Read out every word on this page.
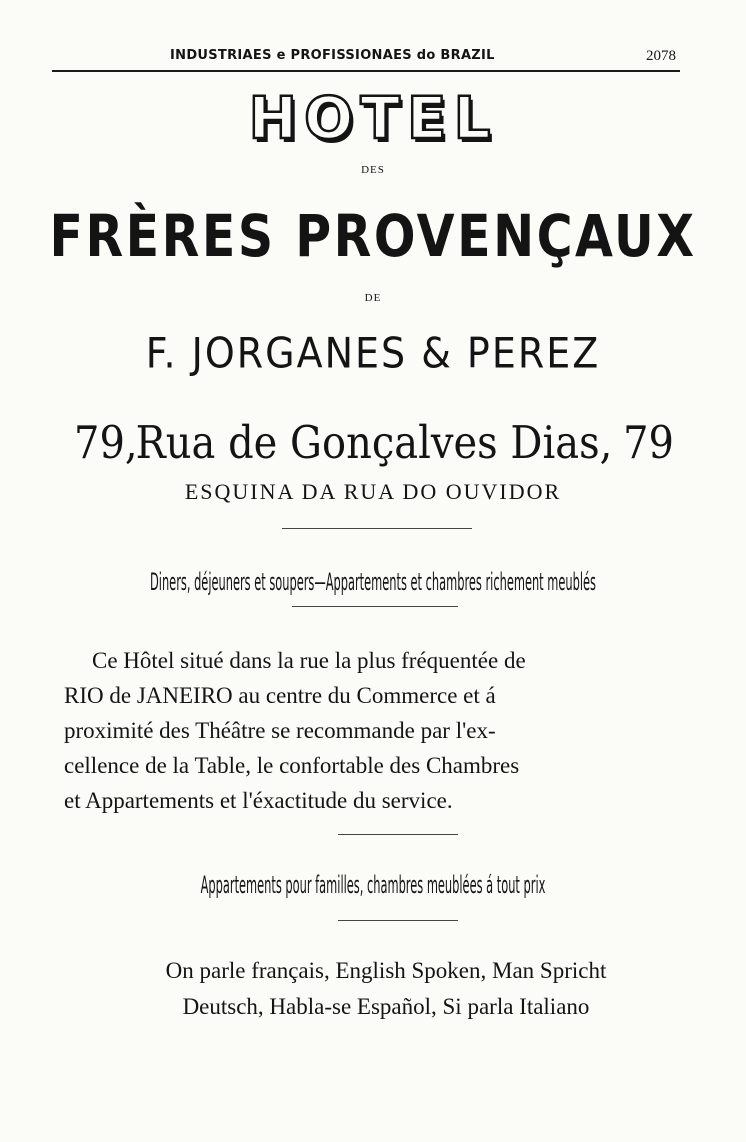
INDUSTRIAES e PROFISSIONAES do BRAZIL	2078
HOTEL
DES
FRÈRES PROVENÇAUX
DE
F. JORGANES & PEREZ
79,
Rua de Gonçalves Dias, 79
ESQUINA DA RUA DO OUVIDOR
Diners, déjeuners et soupers—Appartements et chambres richement meublés
Ce Hôtel situé dans la rue la plus fréquentée de
RIO de JANEIRO au centre du Commerce et á
proximité des Théâtre se recommande par l'ex-
cellence de la Table, le confortable des Chambres
et Appartements et l'éxactitude du service.
Appartements pour familles, chambres meublées á tout prix
On parle français, English Spoken, Man Spricht
Deutsch, Habla-se Español, Si parla Italiano
